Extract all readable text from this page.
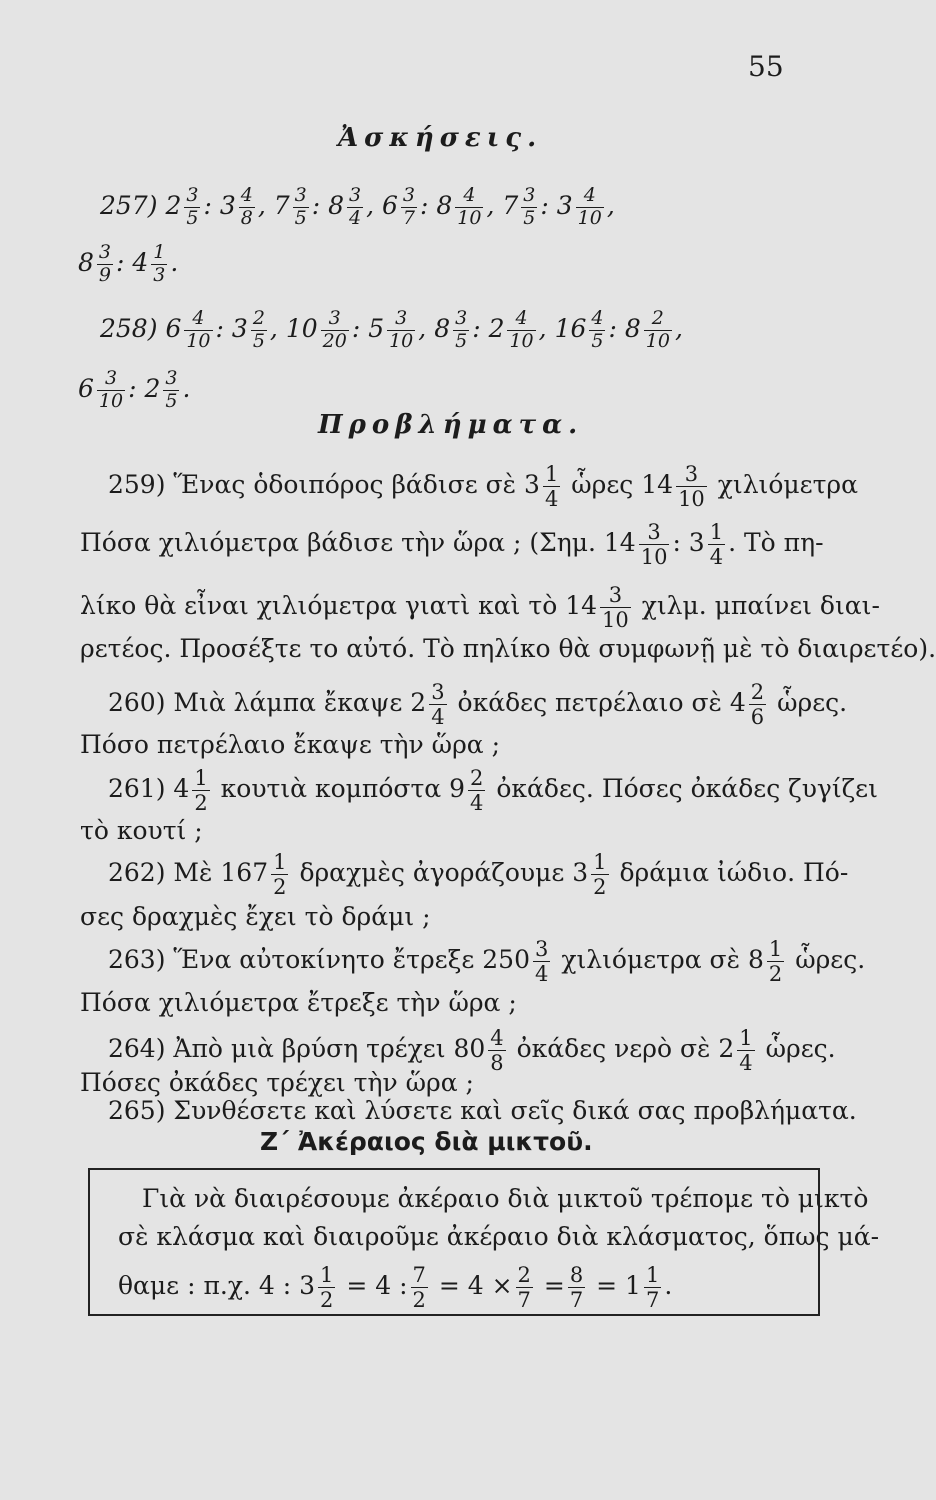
55
Ἀσκήσεις.
257) $2 \frac{3}{5}$ : $3 \frac{4}{8}$ , $7 \frac{3}{5}$ : $8 \frac{3}{4}$ , $6 \frac{3}{7}$ : $8 \frac{4}{10}$ , $7 \frac{3}{5}$ : $3 \frac{4}{10}$ ,
$8 \frac{3}{9}$ : $4 \frac{1}{3}$ .
258) $6 \frac{4}{10}$ : $3 \frac{2}{5}$ , $10 \frac{3}{20}$ : $5 \frac{3}{10}$ , $8 \frac{3}{5}$ : $2 \frac{4}{10}$ , $16 \frac{4}{5}$ : $8 \frac{2}{10}$ ,
$6 \frac{3}{10}$ : $2 \frac{3}{5}$ .
Προβλήματα.
259) Ἕνας ὁδοιπόρος βάδισε σὲ $3 \frac{1}{4}$ ὧρες $14 \frac{3}{10}$ χιλιόμετρα
Πόσα χιλιόμετρα βάδισε τὴν ὥρα ; (Σημ. $14 \frac{3}{10}$ : $3 \frac{1}{4}$ . Τὸ πη-
λίκο θὰ εἶναι χιλιόμετρα γιατὶ καὶ τὸ $14 \frac{3}{10} \chi\iota\lambda\mu$. μπαίνει διαι-
ρετέος. Προσέξτε το αὐτό. Τὸ πηλίκο θὰ συμφωνῇ μὲ τὸ διαιρετέο).
260) Μιὰ λάμπα ἔκαψε $2 \frac{3}{4}$ ὀκάδες πετρέλαιο σὲ $4 \frac{2}{6}$ ὧρες.
Πόσο πετρέλαιο ἔκαψε τὴν ὥρα ;
261) $4 \frac{1}{2}$ κουτιὰ κομπόστα $9 \frac{2}{4}$ ὀκάδες. Πόσες ὀκάδες ζυγίζει
τὸ κουτί ;
262) Μὲ $167 \frac{1}{2}$ δραχμὲς ἀγοράζουμε $3 \frac{1}{2}$ δράμια ἰώδιο. Πό-
σες δραχμὲς ἔχει τὸ δράμι ;
263) Ἕνα αὐτοκίνητο ἔτρεξε $250 \frac{3}{4}$ χιλιόμετρα σὲ $8 \frac{1}{2}$ ὧρες.
Πόσα χιλιόμετρα ἔτρεξε τὴν ὥρα ;
264) Ἀπὸ μιὰ βρύση τρέχει $80 \frac{4}{8}$ ὀκάδες νερὸ σὲ $2 \frac{1}{4}$ ὧρες.
Πόσες ὀκάδες τρέχει τὴν ὥρα ;
265) Συνθέσετε καὶ λύσετε καὶ σεῖς δικά σας προβλήματα.
Ζ΄ Ἀκέραιος διὰ μικτοῦ.
Γιὰ νὰ διαιρέσουμε ἀκέραιο διὰ μικτοῦ τρέπομε τὸ μικτὸ
σὲ κλάσμα καὶ διαιροῦμε ἀκέραιο διὰ κλάσματος, ὅπως μά-
θαμε : π.χ. 4 : $3 \frac{1}{2} = 4$ : $\frac{7}{2} = 4 \times \frac{2}{7} = \frac{8}{7} = 1 \frac{1}{7}$ .
